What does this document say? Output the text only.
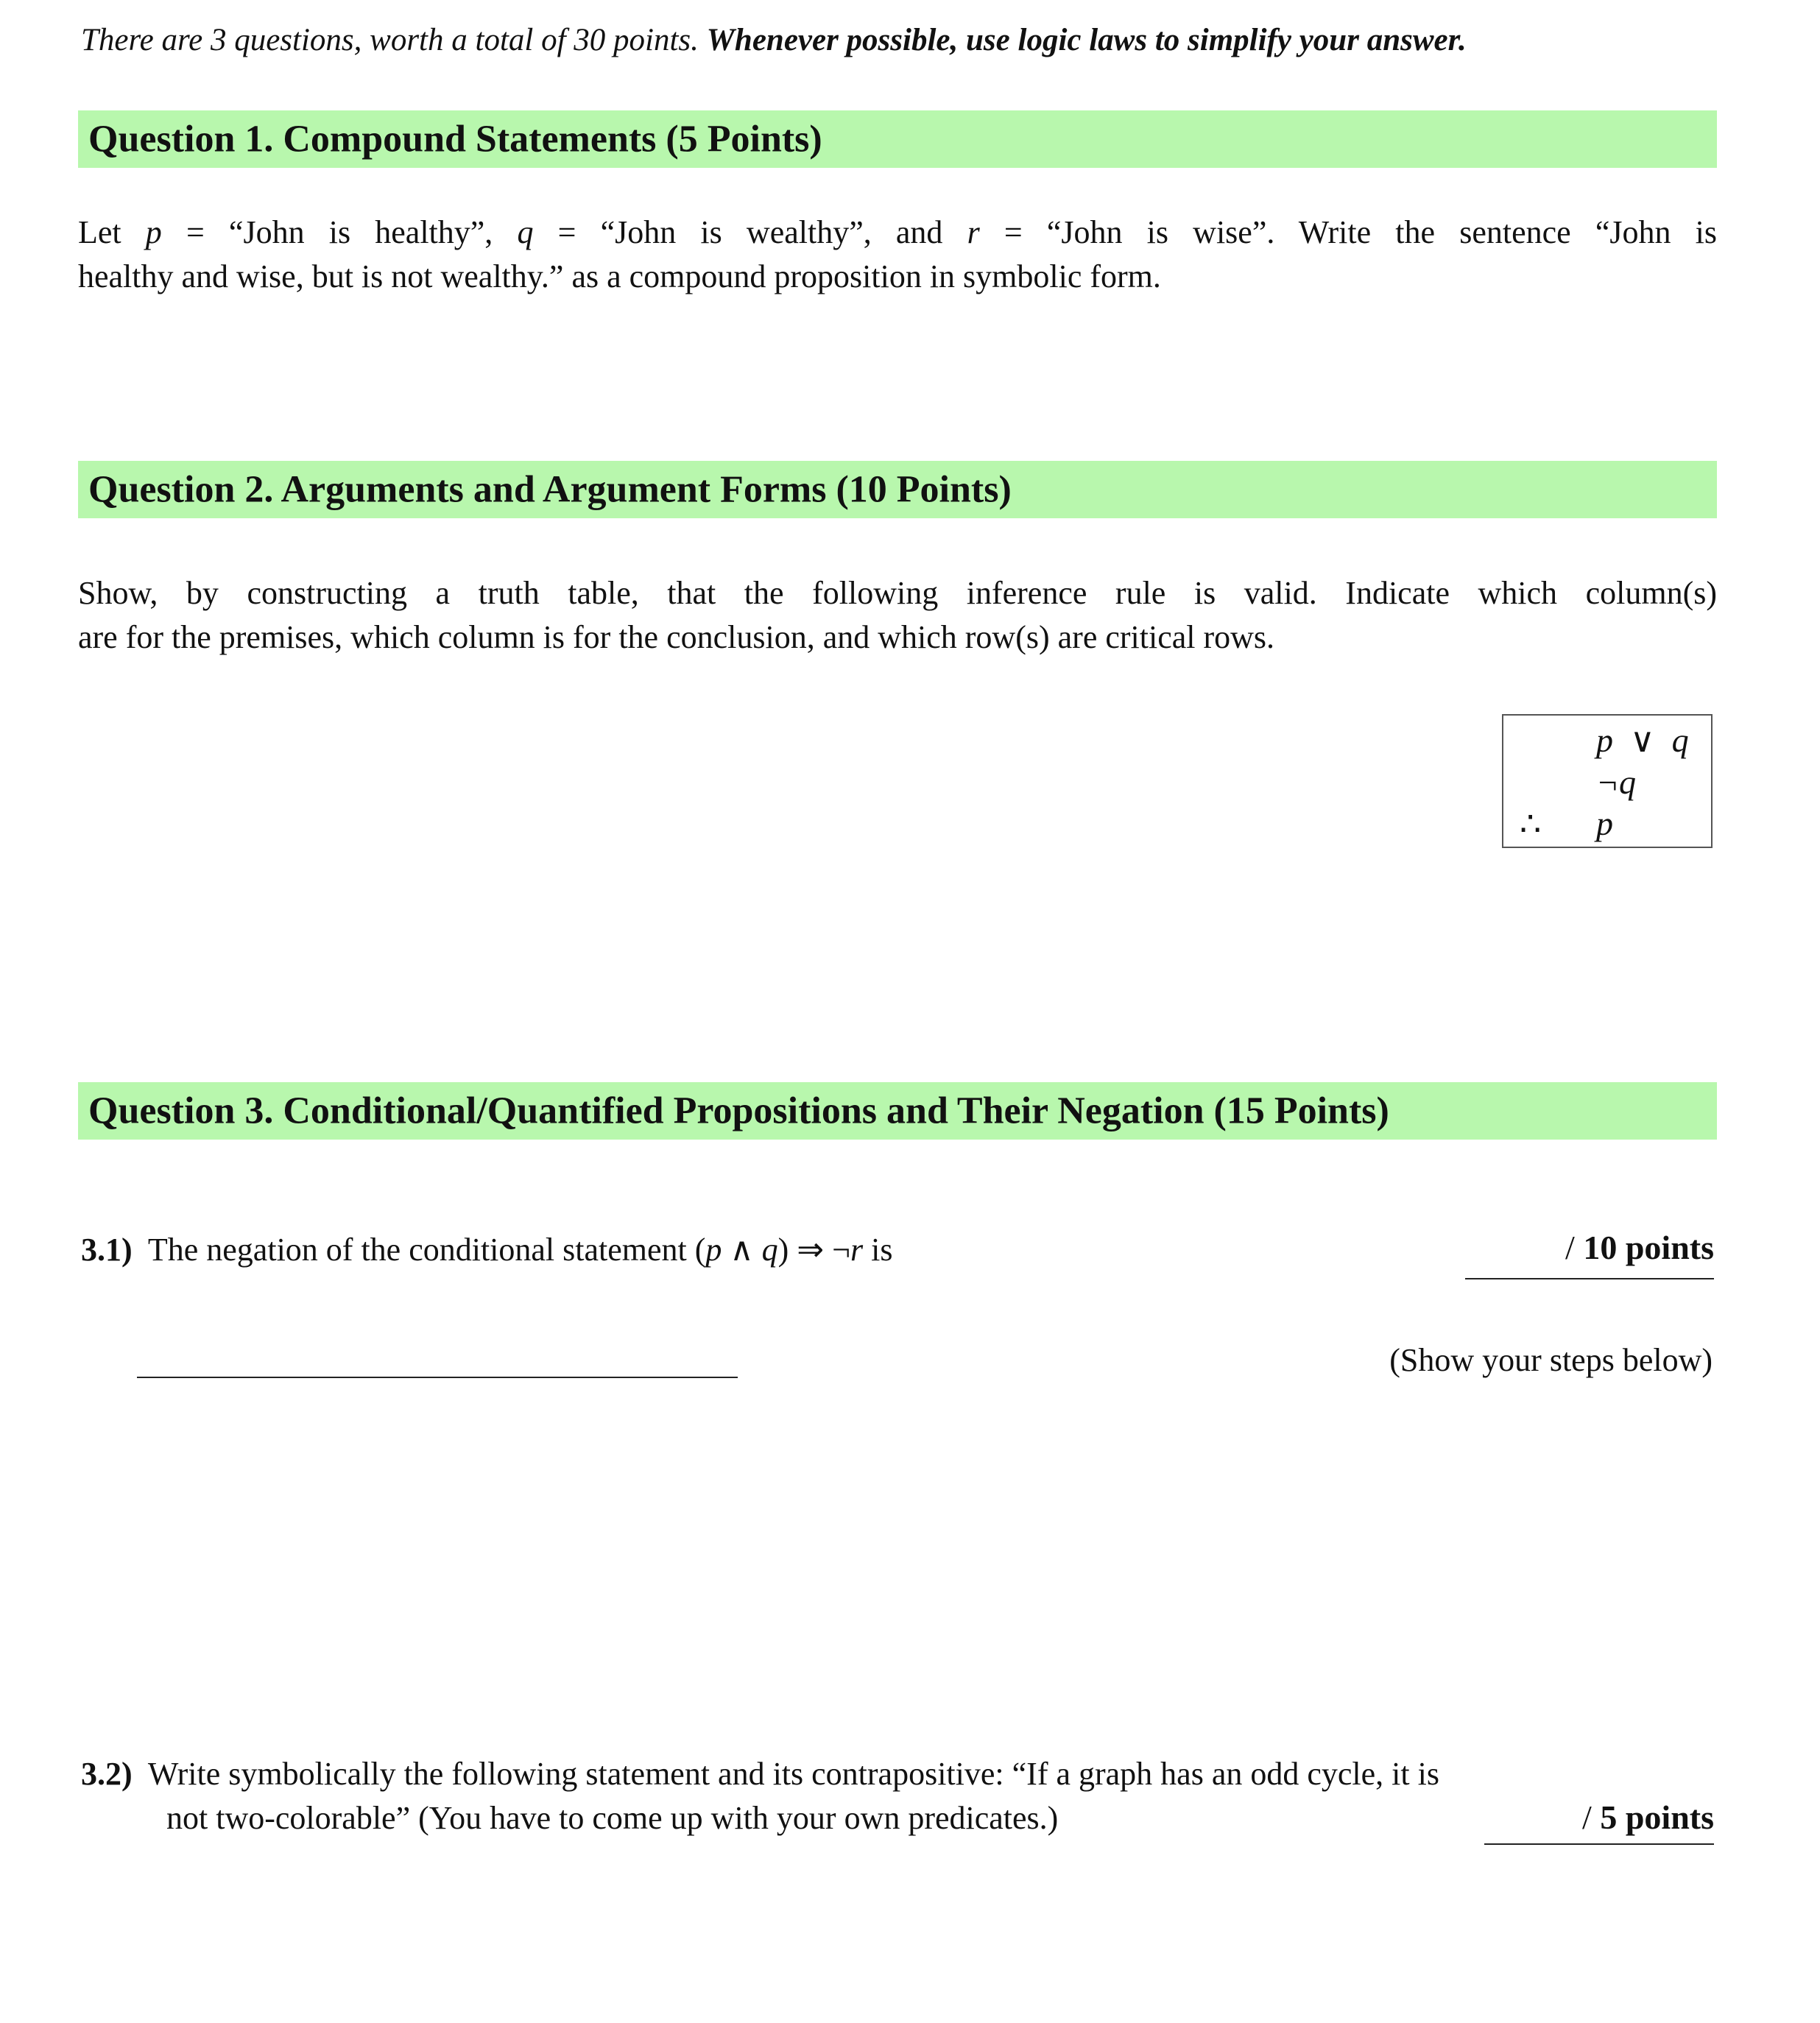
There are 3 questions, worth a total of 30 points. Whenever possible, use logic laws to simplify your answer.
Question 1. Compound Statements (5 Points)
Let p = “John is healthy”, q = “John is wealthy”, and r = “John is wise”. Write the sentence “John is
healthy and wise, but is not wealthy.” as a compound proposition in symbolic form.
Question 2. Arguments and Argument Forms (10 Points)
Show, by constructing a truth table, that the following inference rule is valid. Indicate which column(s)
are for the premises, which column is for the conclusion, and which row(s) are critical rows.
p ∨ q
¬q
∴ p
Question 3. Conditional/Quantified Propositions and Their Negation (15 Points)
3.1) The negation of the conditional statement (p ∧ q) ⇒ ¬r is	/ 10 points
(Show your steps below)
3.2) Write symbolically the following statement and its contrapositive: “If a graph has an odd cycle, it is
not two-colorable” (You have to come up with your own predicates.)	/ 5 points
